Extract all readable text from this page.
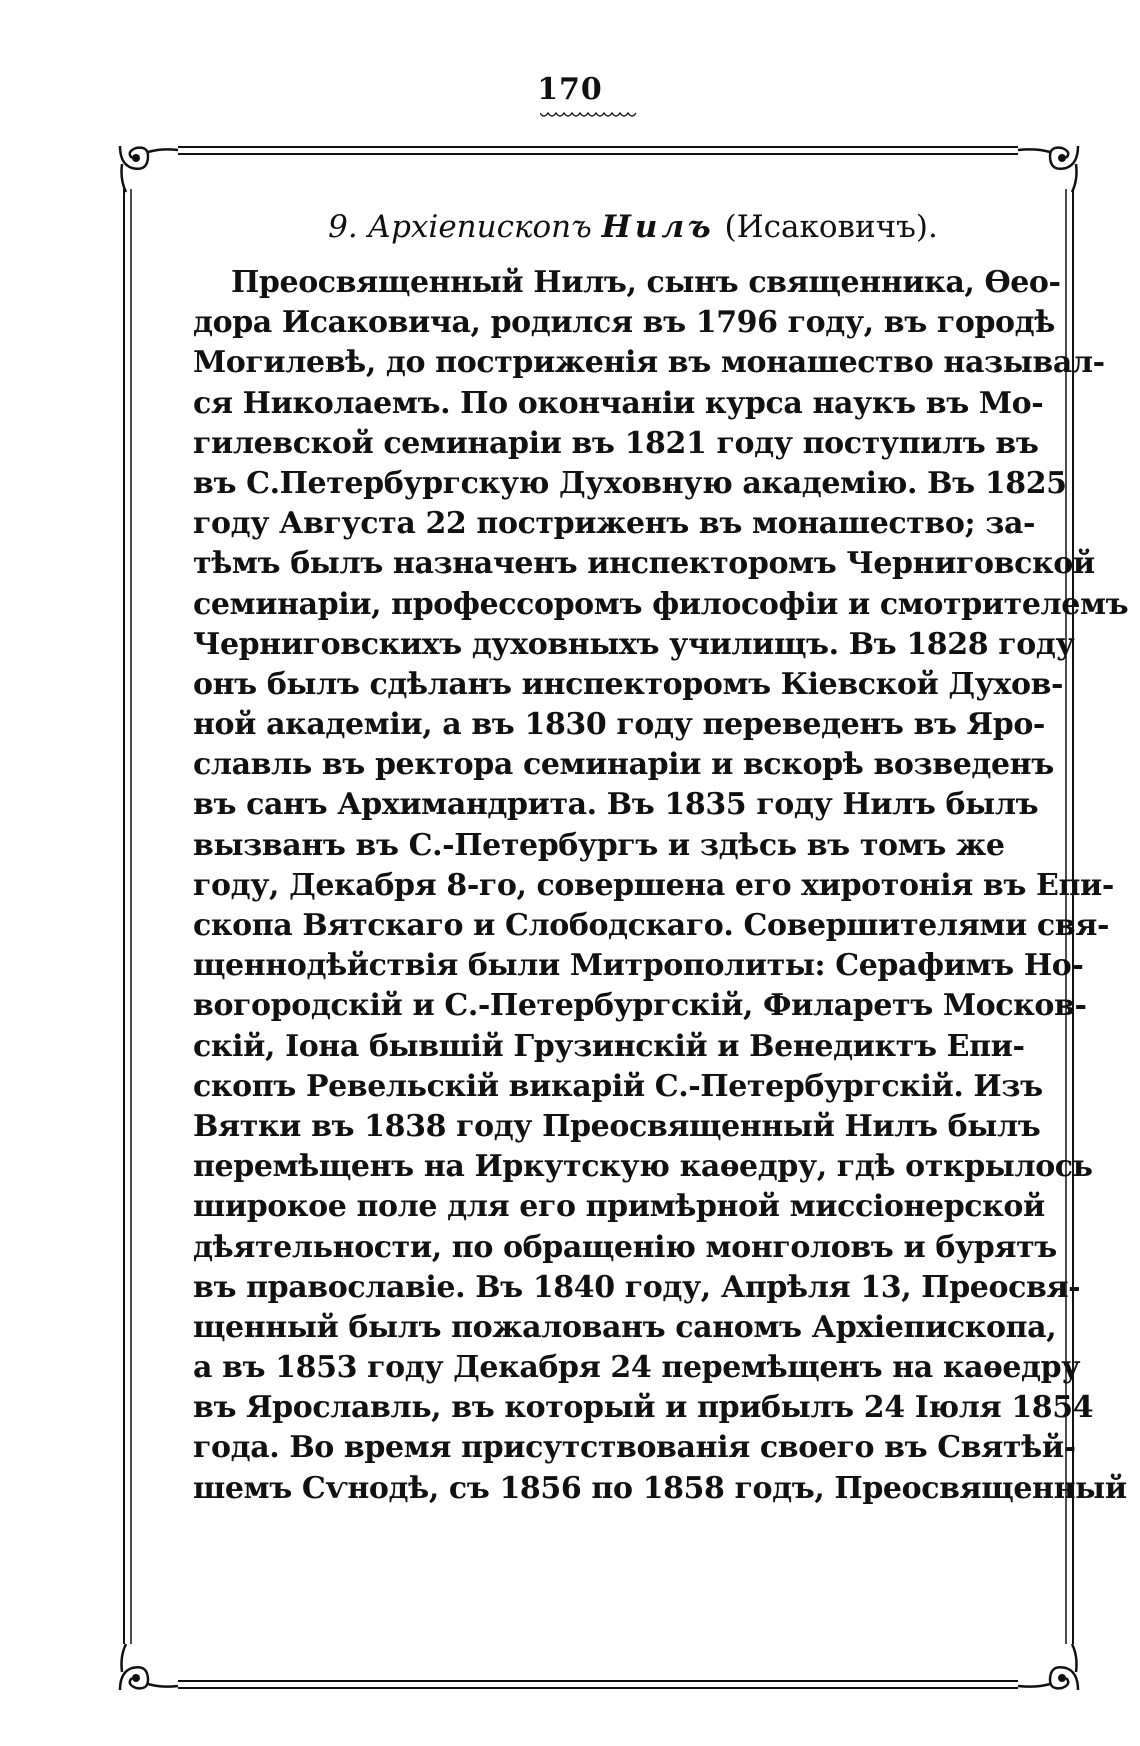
170
9. Архіепископъ Нилъ (Исаковичъ).
Преосвященный Нилъ, сынъ священника, Ѳео-
дора Исаковича, родился въ 1796 году, въ городѣ
Могилевѣ, до постриженія въ монашество называл-
ся Николаемъ. По окончаніи курса наукъ въ Мо-
гилевской семинаріи въ 1821 году поступилъ въ
въ С.Петербургскую Духовную академію. Въ 1825
году Августа 22 постриженъ въ монашество; за-
тѣмъ былъ назначенъ инспекторомъ Черниговской
семинаріи, профессоромъ философіи и смотрителемъ
Черниговскихъ духовныхъ училищъ. Въ 1828 году
онъ былъ сдѣланъ инспекторомъ Кіевской Духов-
ной академіи, а въ 1830 году переведенъ въ Яро-
славль въ ректора семинаріи и вскорѣ возведенъ
въ санъ Архимандрита. Въ 1835 году Нилъ былъ
вызванъ въ С.-Петербургъ и здѣсь въ томъ же
году, Декабря 8-го, совершена его хиротонія въ Епи-
скопа Вятскаго и Слободскаго. Совершителями свя-
щеннодѣйствія были Митрополиты: Серафимъ Но-
вогородскій и С.-Петербургскій, Филаретъ Москов-
скій, Іона бывшій Грузинскій и Венедиктъ Епи-
скопъ Ревельскій викарій С.-Петербургскій. Изъ
Вятки въ 1838 году Преосвященный Нилъ былъ
перемѣщенъ на Иркутскую каѳедру, гдѣ открылось
широкое поле для его примѣрной миссіонерской
дѣятельности, по обращенію монголовъ и бурятъ
въ православіе. Въ 1840 году, Апрѣля 13, Преосвя-
щенный былъ пожалованъ саномъ Архіепископа,
а въ 1853 году Декабря 24 перемѣщенъ на каѳедру
въ Ярославль, въ который и прибылъ 24 Іюля 1854
года. Во время присутствованія своего въ Святѣй-
шемъ Сѵнодѣ, съ 1856 по 1858 годъ, Преосвященный
